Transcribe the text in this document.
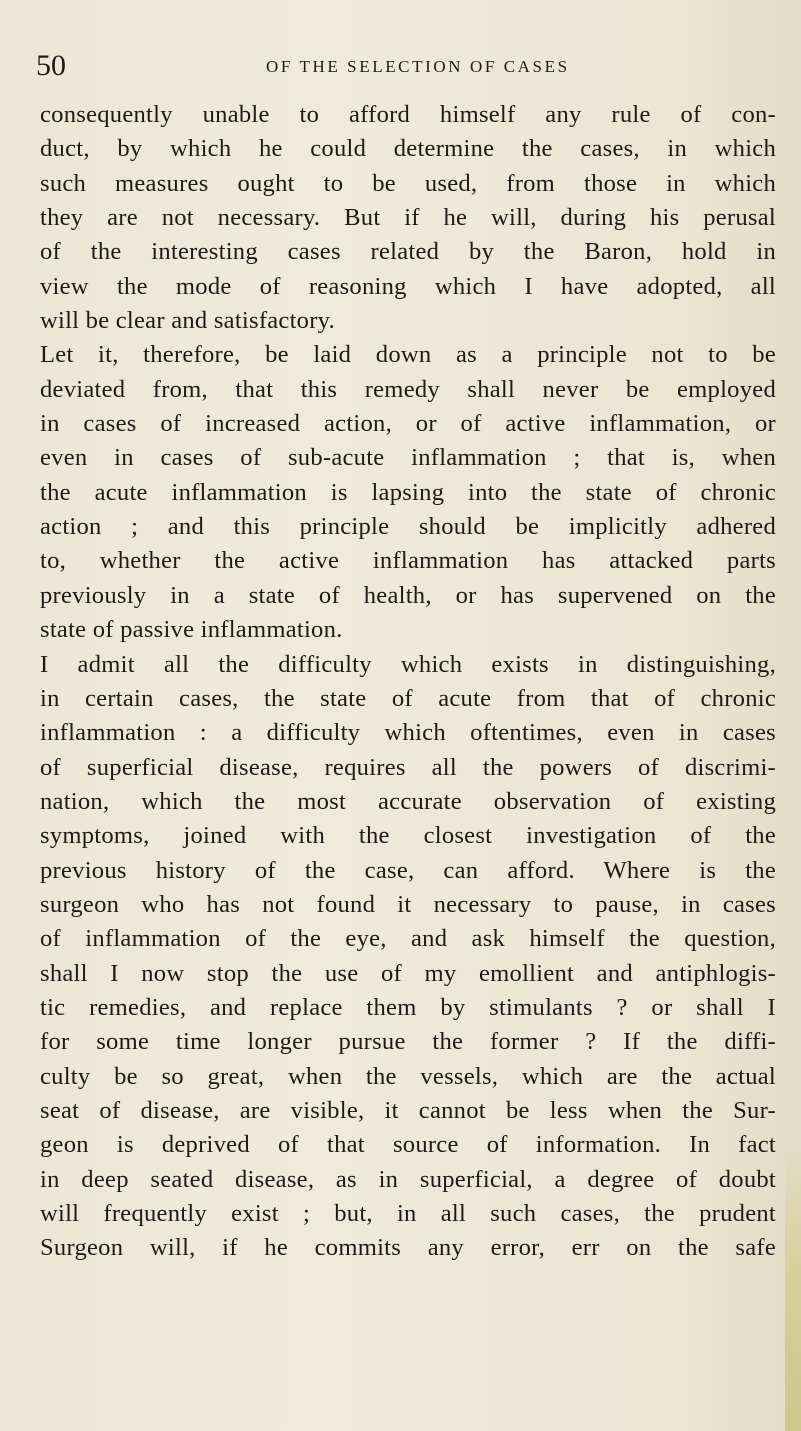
50	OF THE SELECTION OF CASES
consequently unable to afford himself any rule of con-
duct, by which he could determine the cases, in which
such measures ought to be used, from those in which
they are not necessary. But if he will, during his perusal
of the interesting cases related by the Baron, hold in
view the mode of reasoning which I have adopted, all
will be clear and satisfactory.
Let it, therefore, be laid down as a principle not to be
deviated from, that this remedy shall never be employed
in cases of increased action, or of active inflammation, or
even in cases of sub-acute inflammation ; that is, when
the acute inflammation is lapsing into the state of chronic
action ; and this principle should be implicitly adhered
to, whether the active inflammation has attacked parts
previously in a state of health, or has supervened on the
state of passive inflammation.
I admit all the difficulty which exists in distinguishing,
in certain cases, the state of acute from that of chronic
inflammation : a difficulty which oftentimes, even in cases
of superficial disease, requires all the powers of discrimi-
nation, which the most accurate observation of existing
symptoms, joined with the closest investigation of the
previous history of the case, can afford. Where is the
surgeon who has not found it necessary to pause, in cases
of inflammation of the eye, and ask himself the question,
shall I now stop the use of my emollient and antiphlogis-
tic remedies, and replace them by stimulants ? or shall I
for some time longer pursue the former ? If the diffi-
culty be so great, when the vessels, which are the actual
seat of disease, are visible, it cannot be less when the Sur-
geon is deprived of that source of information. In fact
in deep seated disease, as in superficial, a degree of doubt
will frequently exist ; but, in all such cases, the prudent
Surgeon will, if he commits any error, err on the safe
